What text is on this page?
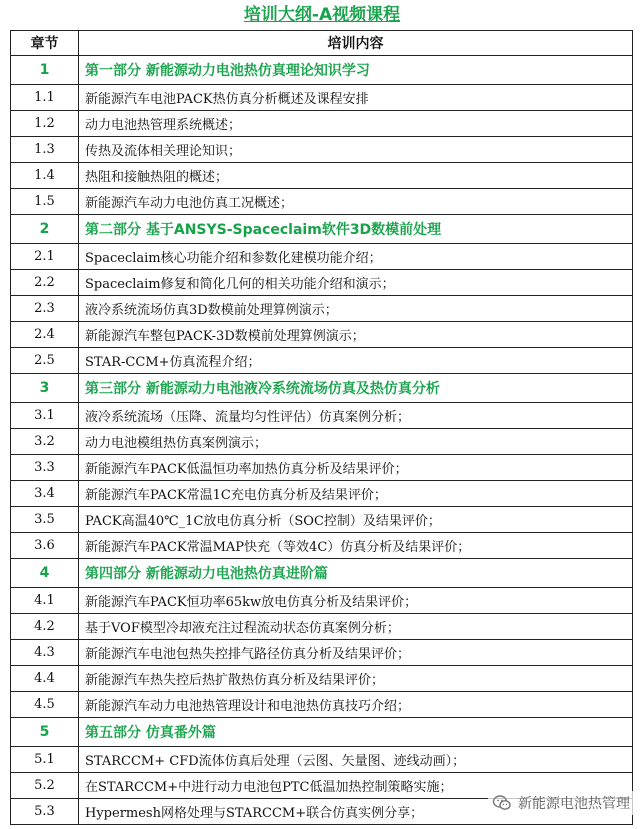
培训大纲-A视频课程
章节	培训内容
1	第一部分 新能源动力电池热仿真理论知识学习
1.1	新能源汽车电池PACK热仿真分析概述及课程安排
1.2	动力电池热管理系统概述；
1.3	传热及流体相关理论知识；
1.4	热阻和接触热阻的概述；
1.5	新能源汽车动力电池仿真工况概述；
2	第二部分 基于ANSYS-Spaceclaim软件3D数模前处理
2.1	Spaceclaim核心功能介绍和参数化建模功能介绍；
2.2	Spaceclaim修复和简化几何的相关功能介绍和演示；
2.3	液冷系统流场仿真3D数模前处理算例演示；
2.4	新能源汽车整包PACK-3D数模前处理算例演示；
2.5	STAR-CCM+仿真流程介绍；
3	第三部分 新能源动力电池液冷系统流场仿真及热仿真分析
3.1	液冷系统流场（压降、流量均匀性评估）仿真案例分析；
3.2	动力电池模组热仿真案例演示；
3.3	新能源汽车PACK低温恒功率加热仿真分析及结果评价；
3.4	新能源汽车PACK常温1C充电仿真分析及结果评价；
3.5	PACK高温40℃_1C放电仿真分析（SOC控制）及结果评价；
3.6	新能源汽车PACK常温MAP快充（等效4C）仿真分析及结果评价；
4	第四部分 新能源动力电池热仿真进阶篇
4.1	新能源汽车PACK恒功率65kw放电仿真分析及结果评价；
4.2	基于VOF模型冷却液充注过程流动状态仿真案例分析；
4.3	新能源汽车电池包热失控排气路径仿真分析及结果评价；
4.4	新能源汽车热失控后热扩散热仿真分析及结果评价；
4.5	新能源汽车动力电池热管理设计和电池热仿真技巧介绍；
5	第五部分 仿真番外篇
5.1	STARCCM+ CFD流体仿真后处理（云图、矢量图、迹线动画）；
5.2	在STARCCM+中进行动力电池包PTC低温加热控制策略实施；
5.3	Hypermesh网格处理与STARCCM+联合仿真实例分享；
新能源电池热管理
